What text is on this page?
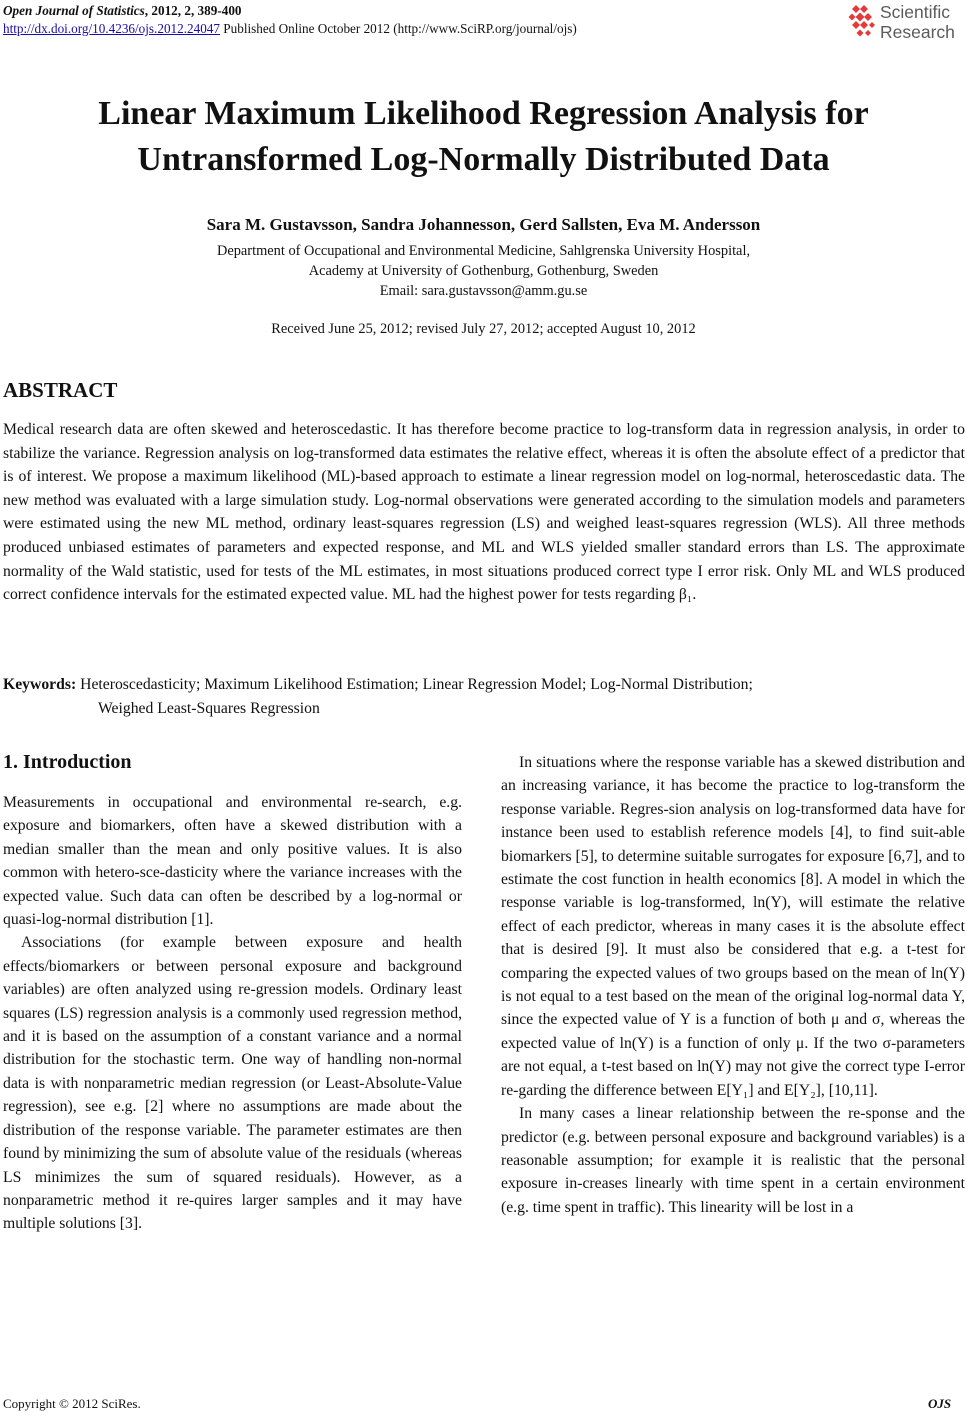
Open Journal of Statistics, 2012, 2, 389-400
http://dx.doi.org/10.4236/ojs.2012.24047 Published Online October 2012 (http://www.SciRP.org/journal/ojs)
Scientific
Research
Linear Maximum Likelihood Regression Analysis for
Untransformed Log-Normally Distributed Data
Sara M. Gustavsson, Sandra Johannesson, Gerd Sallsten, Eva M. Andersson
Department of Occupational and Environmental Medicine, Sahlgrenska University Hospital,
Academy at University of Gothenburg, Gothenburg, Sweden
Email: sara.gustavsson@amm.gu.se
Received June 25, 2012; revised July 27, 2012; accepted August 10, 2012
ABSTRACT
Medical research data are often skewed and heteroscedastic. It has therefore become practice to log-transform data in regression analysis, in order to stabilize the variance. Regression analysis on log-transformed data estimates the relative effect, whereas it is often the absolute effect of a predictor that is of interest. We propose a maximum likelihood (ML)-based approach to estimate a linear regression model on log-normal, heteroscedastic data. The new method was evaluated with a large simulation study. Log-normal observations were generated according to the simulation models and parameters were estimated using the new ML method, ordinary least-squares regression (LS) and weighed least-squares regression (WLS). All three methods produced unbiased estimates of parameters and expected response, and ML and WLS yielded smaller standard errors than LS. The approximate normality of the Wald statistic, used for tests of the ML estimates, in most situations produced correct type I error risk. Only ML and WLS produced correct confidence intervals for the estimated expected value. ML had the highest power for tests regarding β₁.
Keywords: Heteroscedasticity; Maximum Likelihood Estimation; Linear Regression Model; Log-Normal Distribution;
Weighed Least-Squares Regression
1. Introduction

Measurements in occupational and environmental re-search, e.g. exposure and biomarkers, often have a skewed distribution with a median smaller than the mean and only positive values. It is also common with hetero-sce-dasticity where the variance increases with the expected value. Such data can often be described by a log-normal or quasi-log-normal distribution [1].

Associations (for example between exposure and health effects/biomarkers or between personal exposure and background variables) are often analyzed using re-gression models. Ordinary least squares (LS) regression analysis is a commonly used regression method, and it is based on the assumption of a constant variance and a normal distribution for the stochastic term. One way of handling non-normal data is with nonparametric median regression (or Least-Absolute-Value regression), see e.g. [2] where no assumptions are made about the distribution of the response variable. The parameter estimates are then found by minimizing the sum of absolute value of the residuals (whereas LS minimizes the sum of squared residuals). However, as a nonparametric method it re-quires larger samples and it may have multiple solutions [3].

In situations where the response variable has a skewed distribution and an increasing variance, it has become the practice to log-transform the response variable. Regres-sion analysis on log-transformed data have for instance been used to establish reference models [4], to find suit-able biomarkers [5], to determine suitable surrogates for exposure [6,7], and to estimate the cost function in health economics [8]. A model in which the response variable is log-transformed, ln(Y), will estimate the relative effect of each predictor, whereas in many cases it is the absolute effect that is desired [9]. It must also be considered that e.g. a t-test for comparing the expected values of two groups based on the mean of ln(Y) is not equal to a test based on the mean of the original log-normal data Y, since the expected value of Y is a function of both μ and σ, whereas the expected value of ln(Y) is a function of only μ. If the two σ-parameters are not equal, a t-test based on ln(Y) may not give the correct type I-error re-garding the difference between E[Y₁] and E[Y₂], [10,11].

In many cases a linear relationship between the re-sponse and the predictor (e.g. between personal exposure and background variables) is a reasonable assumption; for example it is realistic that the personal exposure in-creases linearly with time spent in a certain environment (e.g. time spent in traffic). This linearity will be lost in a

Copyright © 2012 SciRes.	OJS
